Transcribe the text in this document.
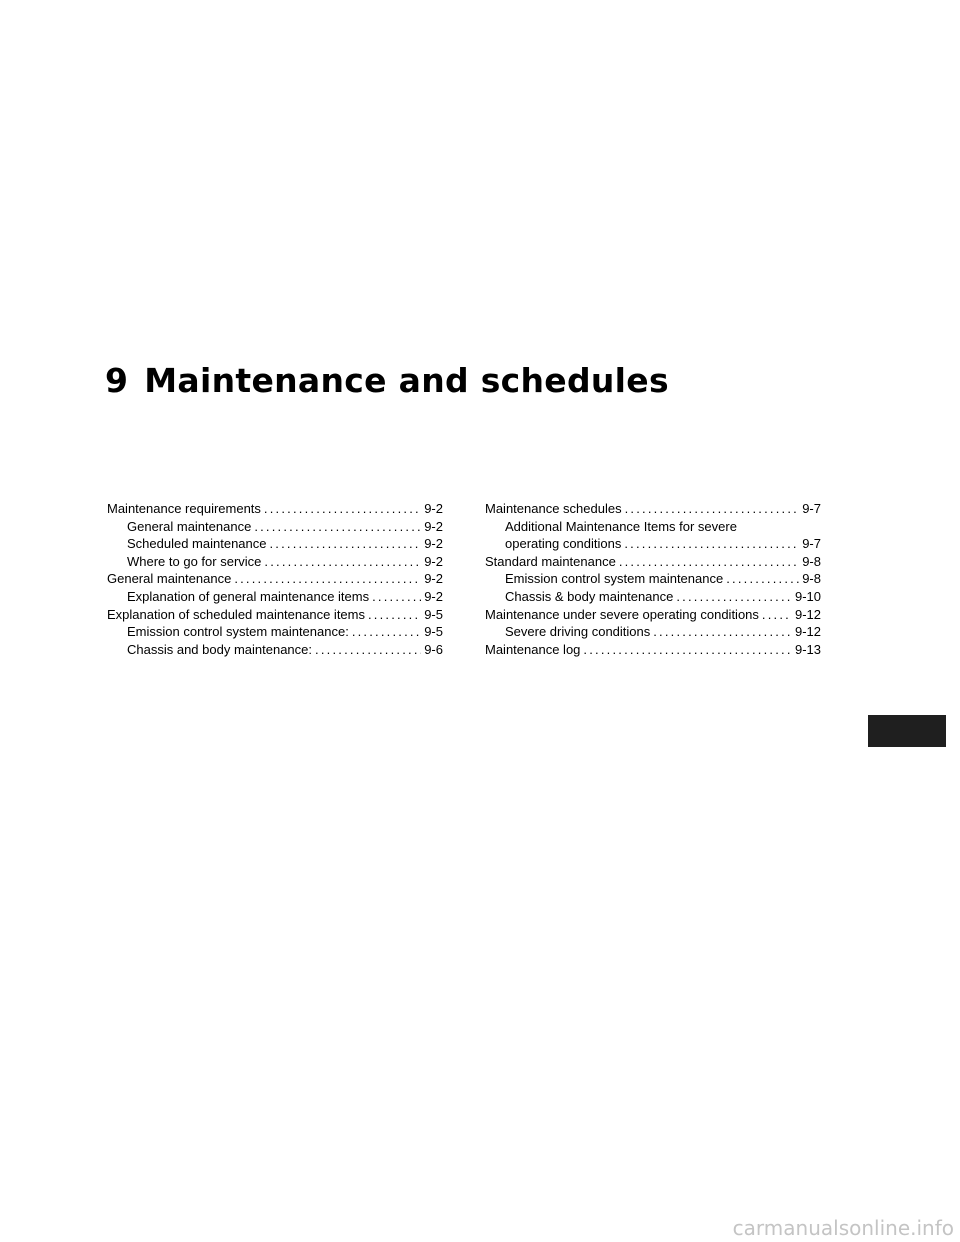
9 Maintenance and schedules
Maintenance requirements .....	9-2
General maintenance .....	9-2
Scheduled maintenance .....	9-2
Where to go for service .....	9-2
General maintenance .....	9-2
Explanation of general maintenance items .....	9-2
Explanation of scheduled maintenance items .....	9-5
Emission control system maintenance: .....	9-5
Chassis and body maintenance: .....	9-6
Maintenance schedules .....	9-7
Additional Maintenance Items for severe
operating conditions .....	9-7
Standard maintenance .....	9-8
Emission control system maintenance .....	9-8
Chassis & body maintenance .....	9-10
Maintenance under severe operating conditions .....	9-12
Severe driving conditions .....	9-12
Maintenance log .....	9-13
carmanualsonline.info
